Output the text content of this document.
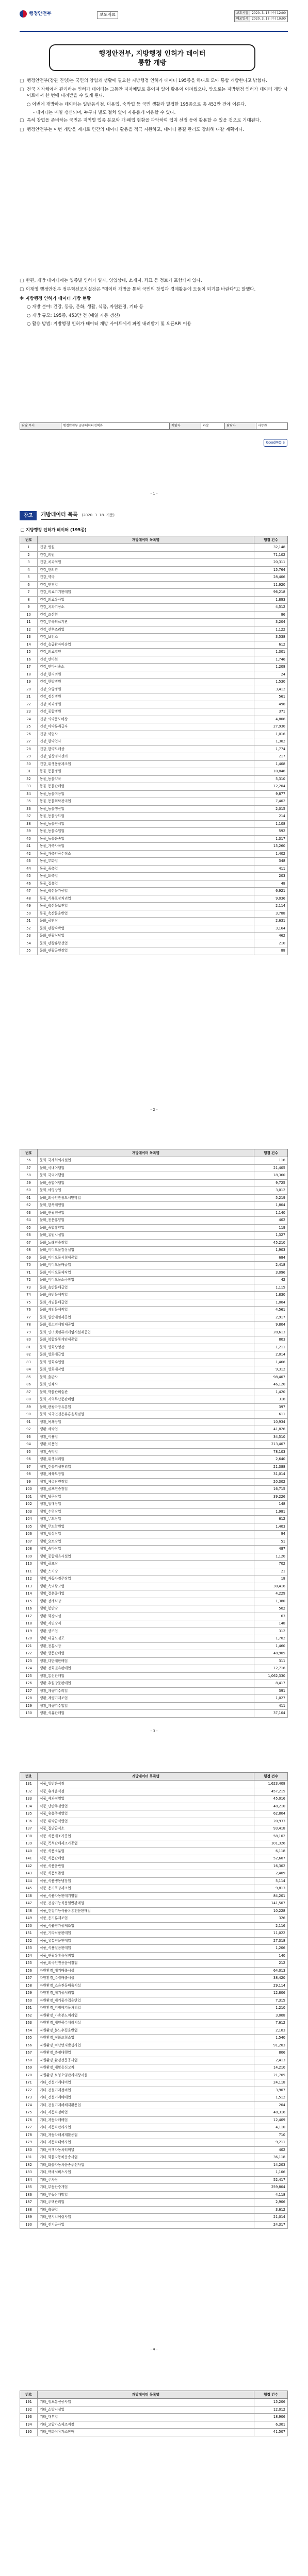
행정안전부	보도자료	보도시점	2020. 3. 18.(수) 12:00
배포일시	2020. 3. 18.(수) 10:00
행정안전부, 지방행정 인허가 데이터
통합 개방
□ 행정안전부(장관 진영)는 국민의 창업과 생활에 필요한 지방행정 인허가 데이터 195종을 하나로 모아 통합 개방한다고 밝혔다.
□ 전국 지자체에서 관리하는 인허가 데이터는 그동안 지자체별로 흩어져 있어 활용이 어려웠으나, 앞으로는 지방행정 인허가 데이터 개방 사이트에서 한 번에 내려받을 수 있게 된다.
○ 이번에 개방하는 데이터는 일반음식점, 미용업, 숙박업 등 국민 생활과 밀접한 195종으로 총 453만 건에 이른다.
- 데이터는 매일 갱신되며, 누구나 별도 절차 없이 자유롭게 이용할 수 있다.
□ 특히 창업을 준비하는 국민은 지역별 업종 분포와 개·폐업 현황을 파악하여 입지 선정 등에 활용할 수 있을 것으로 기대된다.
□ 행정안전부는 이번 개방을 계기로 민간의 데이터 활용을 적극 지원하고, 데이터 품질 관리도 강화해 나갈 계획이다.
□ 한편, 개방 데이터에는 업종별 인허가 일자, 영업상태, 소재지, 좌표 등 정보가 포함되어 있다.
□ 이재영 행정안전부 정부혁신조직실장은 "데이터 개방을 통해 국민의 창업과 경제활동에 도움이 되기를 바란다"고 말했다.
※ 지방행정 인허가 데이터 개방 현황
○ 개방 분야: 건강, 동물, 문화, 생활, 식품, 자원환경, 기타 등
○ 개방 규모: 195종, 453만 건 (매일 자동 갱신)
○ 활용 방법: 지방행정 인허가 데이터 개방 사이트에서 파일 내려받기 및 오픈API 이용
담당 부서	행정안전부 공공데이터정책과	책임자	과장	담당자	사무관
GoodMOIS
- 1 -
참고	개방데이터 목록 (2020. 3. 18. 기준)
□ 지방행정 인허가 데이터 (195종)
번호	개방데이터 목록명	행정 건수
1	건강_병원	32,148
2	건강_의원	71,102
3	건강_치과의원	20,311
4	건강_한의원	15,764
5	건강_약국	28,406
6	건강_안경업	11,920
7	건강_의료기기판매업	96,218
8	건강_의료유사업	1,893
9	건강_치과기공소	4,512
10	건강_조산원	86
11	건강_부속의료기관	3,204
12	건강_산후조리업	1,122
13	건강_보건소	3,538
14	건강_응급환자이송업	612
15	건강_의료법인	1,301
16	건강_안마원	1,746
17	건강_안마시술소	1,208
18	건강_한지의원	24
19	건강_한방병원	1,530
20	건강_요양병원	3,412
21	건강_정신병원	561
22	건강_치과병원	498
23	건강_종합병원	371
24	건강_의약품도매상	4,806
25	건강_마약류취급자	27,930
26	건강_약업사	1,016
27	건강_한약업사	1,302
28	건강_한약도매상	1,774
29	건강_임상검사센터	217
30	건강_위생용품제조업	1,408
31	동물_동물병원	10,846
32	동물_동물약국	5,310
33	동물_동물판매업	12,204
34	동물_동물미용업	9,877
35	동물_동물위탁관리업	7,402
36	동물_동물생산업	2,015
37	동물_동물장묘업	214
38	동물_동물전시업	1,108
39	동물_동물수입업	592
40	동물_동물운송업	1,317
41	동물_가축사육업	15,260
42	동물_가축인공수정소	1,402
43	동물_부화업	348
44	동물_종축업	411
45	동물_도축업	203
46	동물_집유업	48
47	동물_축산물가공업	6,921
48	동물_식육포장처리업	9,036
49	동물_축산물보관업	2,114
50	동물_축산물운반업	3,788
51	문화_공연장	2,631
52	문화_관광숙박업	3,164
53	문화_관광식당업	462
54	문화_관광유람선업	210
55	문화_관광공연장업	88
번호	개방데이터 목록명	행정 건수
56	문화_국제회의시설업	116
57	문화_국내여행업	21,405
58	문화_국외여행업	18,360
59	문화_종합여행업	9,725
60	문화_야영장업	3,012
61	문화_외국인관광도시민박업	5,219
62	문화_한옥체험업	1,804
63	문화_관광펜션업	1,140
64	문화_전문휴양업	402
65	문화_종합휴양업	119
66	문화_유원시설업	1,327
67	문화_노래연습장업	45,210
68	문화_비디오물감상실업	1,903
69	문화_비디오물시청제공업	684
70	문화_비디오물배급업	2,418
71	문화_비디오물제작업	3,096
72	문화_비디오물소극장업	42
73	문화_음반물배급업	1,115
74	문화_음반물제작업	1,830
75	문화_게임물배급업	1,004
76	문화_게임물제작업	4,561
77	문화_일반게임제공업	2,917
78	문화_청소년게임제공업	9,804
79	문화_인터넷컴퓨터게임시설제공업	28,613
80	문화_복합유통게임제공업	803
81	문화_영화상영관	1,211
82	문화_영화배급업	2,014
83	문화_영화수입업	1,466
84	문화_영화제작업	9,312
85	문화_출판사	98,407
86	문화_인쇄사	46,120
87	문화_박물관미술관	1,420
88	문화_지역특산품판매업	318
89	문화_관광극장유흥업	397
90	문화_외국인전용유흥음식점업	611
91	생활_목욕장업	10,934
92	생활_세탁업	41,826
93	생활_이용업	34,510
94	생활_미용업	213,407
95	생활_숙박업	78,103
96	생활_위생처리업	2,640
97	생활_건물위생관리업	21,388
98	생활_체육도장업	31,014
99	생활_체력단련장업	20,302
100	생활_골프연습장업	16,715
101	생활_당구장업	39,226
102	생활_썰매장업	148
103	생활_수영장업	1,981
104	생활_무도장업	612
105	생활_무도학원업	1,403
106	생활_빙상장업	94
107	생활_요트장업	51
108	생활_승마장업	487
109	생활_종합체육시설업	1,120
110	생활_골프장	702
111	생활_스키장	21
112	생활_자동차경주장업	18
113	생활_옥외광고업	30,416
114	생활_결혼중개업	4,229
115	생활_장례식장	1,380
116	생활_봉안당	502
117	생활_화장시설	63
118	생활_자연장지	148
119	생활_상조업	312
120	생활_대규모점포	1,702
121	생활_전통시장	1,460
122	생활_방문판매업	48,905
123	생활_다단계판매업	311
124	생활_전화권유판매업	12,716
125	생활_통신판매업	1,062,330
126	생활_후원방문판매업	8,417
127	생활_계량기수리업	391
128	생활_계량기제조업	1,027
129	생활_계량기수입업	411
130	생활_석유판매업	37,104
번호	개방데이터 목록명	행정 건수
131	식품_일반음식점	1,623,408
132	식품_휴게음식점	457,215
133	식품_제과점영업	45,016
134	식품_단란주점영업	48,210
135	식품_유흥주점영업	62,804
136	식품_위탁급식영업	20,933
137	식품_집단급식소	93,418
138	식품_식품제조가공업	58,102
139	식품_즉석판매제조가공업	101,326
140	식품_식품소분업	6,118
141	식품_식품판매업	52,607
142	식품_식품운반업	16,302
143	식품_식품보존업	2,409
144	식품_식품냉동냉장업	5,114
145	식품_용기포장제조업	9,813
146	식품_식품자동판매기영업	84,201
147	식품_건강기능식품일반판매업	141,507
148	식품_건강기능식품유통전문판매업	10,228
149	식품_옹기류제조업	326
150	식품_식품첨가물제조업	2,116
151	식품_기타식품판매업	11,022
152	식품_유통전문판매업	27,318
153	식품_식용얼음판매업	1,206
154	식품_관광유흥음식점업	140
155	식품_외국인전용음식점업	212
156	자원환경_대기배출시설	64,013
157	자원환경_수질배출시설	38,420
158	자원환경_소음진동배출시설	29,114
159	자원환경_폐기물처리업	12,806
160	자원환경_폐기물수집운반업	7,315
161	자원환경_지정폐기물처리업	1,210
162	자원환경_가축분뇨처리업	3,008
163	자원환경_개인하수처리시설	7,612
164	자원환경_분뇨수집운반업	2,103
165	자원환경_정화조청소업	1,540
166	자원환경_비산먼지발생사업	91,203
167	자원환경_측정대행업	806
168	자원환경_환경전문공사업	2,413
169	자원환경_재활용신고자	14,210
170	자원환경_토양오염관리대상시설	21,705
171	기타_건설기계대여업	24,118
172	기타_건설기계정비업	3,907
173	기타_건설기계매매업	1,512
174	기타_건설기계해체재활용업	204
175	기타_자동차정비업	48,316
176	기타_자동차매매업	12,409
177	기타_자동차관리사업	4,110
178	기타_자동차해체재활용업	710
179	기타_자동차대여사업	9,211
180	기타_여객자동차터미널	402
181	기타_화물자동차운송사업	36,118
182	기타_화물자동차운송주선사업	14,203
183	기타_택배서비스사업	1,106
184	기타_주차장	52,417
185	기타_부동산중개업	259,804
186	기타_부동산개발업	4,118
187	기타_주택관리업	2,906
188	기타_측량업	3,612
189	기타_엔지니어링사업	21,014
190	기타_전기공사업	24,317
번호	개방데이터 목록명	행정 건수
191	기타_정보통신공사업	15,206
192	기타_소방시설업	12,012
193	기타_대부업	18,906
194	기타_고압가스제조저장	6,301
195	기타_액화석유가스판매	41,507

- 2 -
- 3 -
- 4 -
